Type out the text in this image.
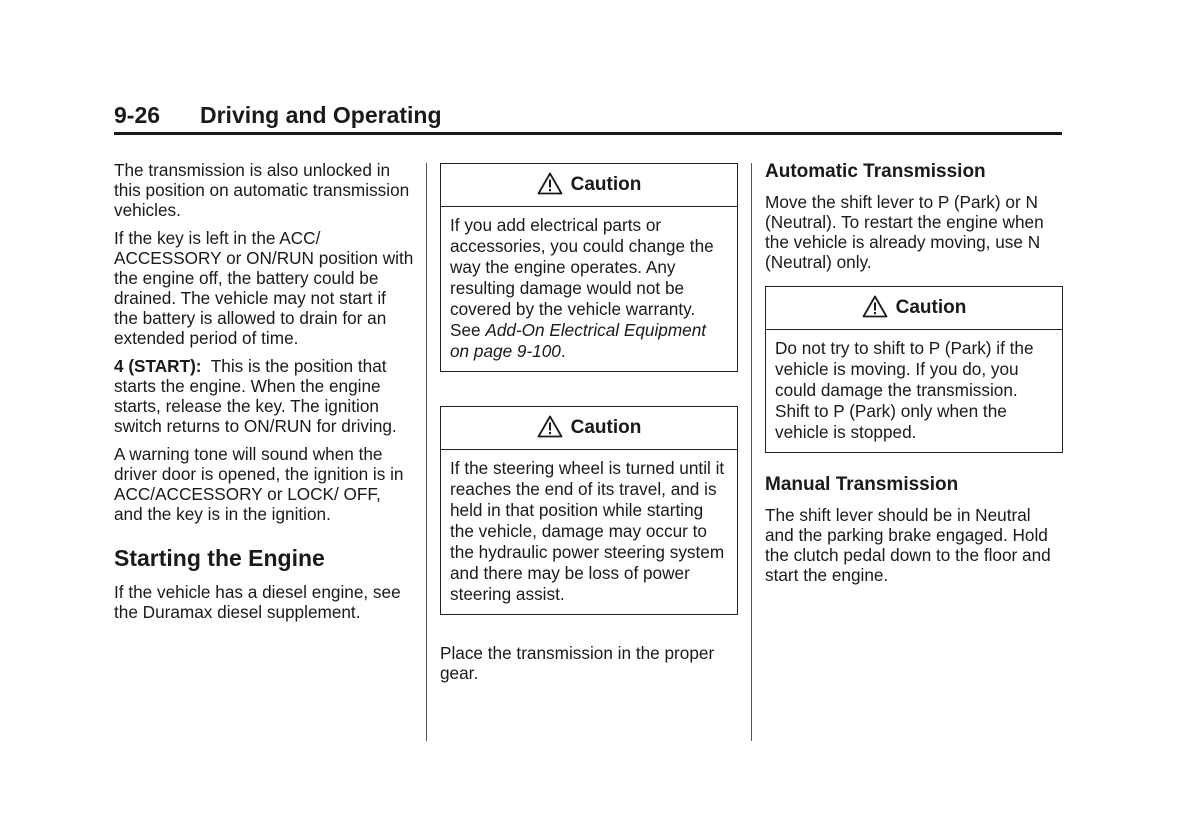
9-26 Driving and Operating

The transmission is also unlocked in this position on automatic transmission vehicles.

If the key is left in the ACC/ ACCESSORY or ON/RUN position with the engine off, the battery could be drained. The vehicle may not start if the battery is allowed to drain for an extended period of time.

4 (START): This is the position that starts the engine. When the engine starts, release the key. The ignition switch returns to ON/RUN for driving.

A warning tone will sound when the driver door is opened, the ignition is in ACC/ACCESSORY or LOCK/ OFF, and the key is in the ignition.

Starting the Engine

If the vehicle has a diesel engine, see the Duramax diesel supplement.

Caution

If you add electrical parts or accessories, you could change the way the engine operates. Any resulting damage would not be covered by the vehicle warranty. See Add-On Electrical Equipment on page 9-100.

Caution

If the steering wheel is turned until it reaches the end of its travel, and is held in that position while starting the vehicle, damage may occur to the hydraulic power steering system and there may be loss of power steering assist.

Place the transmission in the proper gear.

Automatic Transmission

Move the shift lever to P (Park) or N (Neutral). To restart the engine when the vehicle is already moving, use N (Neutral) only.

Caution

Do not try to shift to P (Park) if the vehicle is moving. If you do, you could damage the transmission. Shift to P (Park) only when the vehicle is stopped.

Manual Transmission

The shift lever should be in Neutral and the parking brake engaged. Hold the clutch pedal down to the floor and start the engine.
